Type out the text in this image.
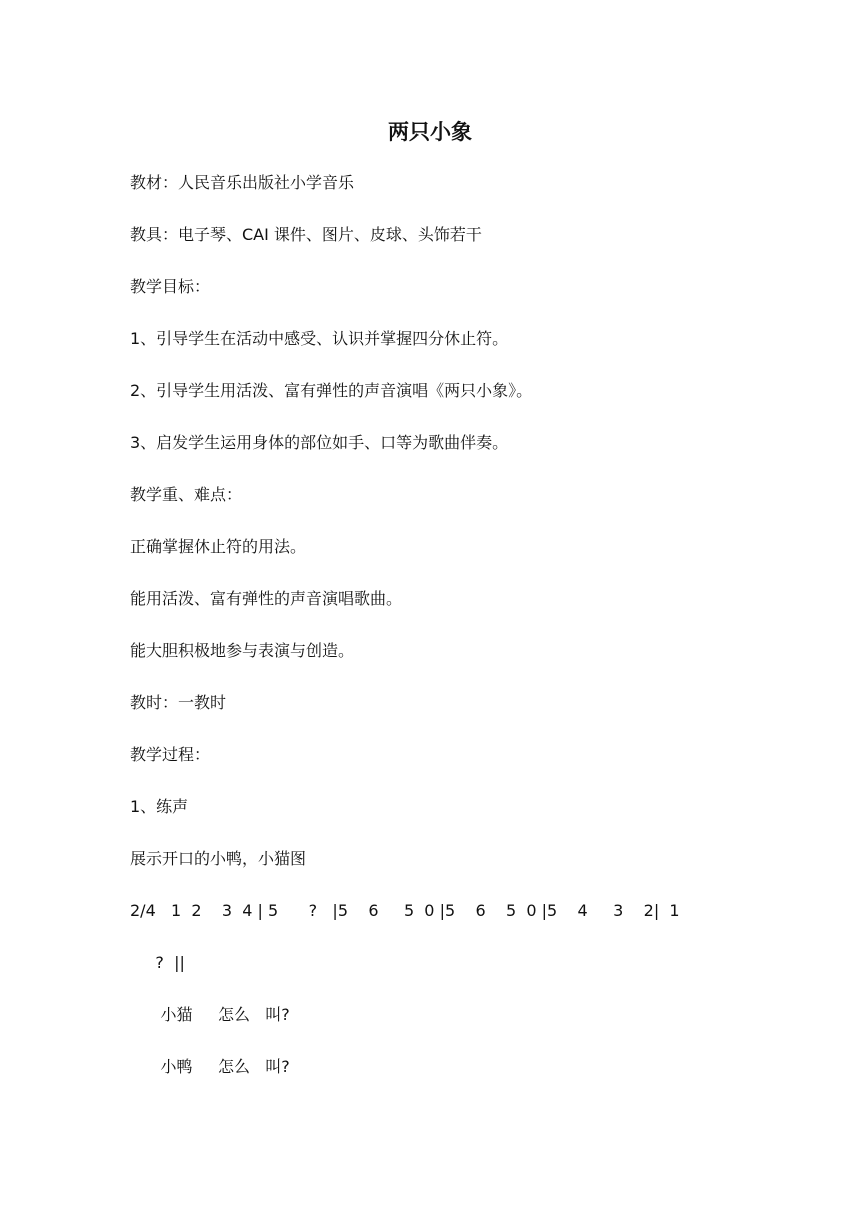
两只小象
教材：人民音乐出版社小学音乐
教具：电子琴、CAI 课件、图片、皮球、头饰若干
教学目标：
1、引导学生在活动中感受、认识并掌握四分休止符。
2、引导学生用活泼、富有弹性的声音演唱《两只小象》。
3、启发学生运用身体的部位如手、口等为歌曲伴奏。
教学重、难点：
正确掌握休止符的用法。
能用活泼、富有弹性的声音演唱歌曲。
能大胆积极地参与表演与创造。
教时：一教时
教学过程：
1、练声
展示开口的小鸭，小猫图
2/4   1  2    3  4 | 5      ?   |5    6     5  0 |5    6    5  0 |5    4     3    2|  1
?  ||
小猫     怎么   叫?
小鸭     怎么   叫?
